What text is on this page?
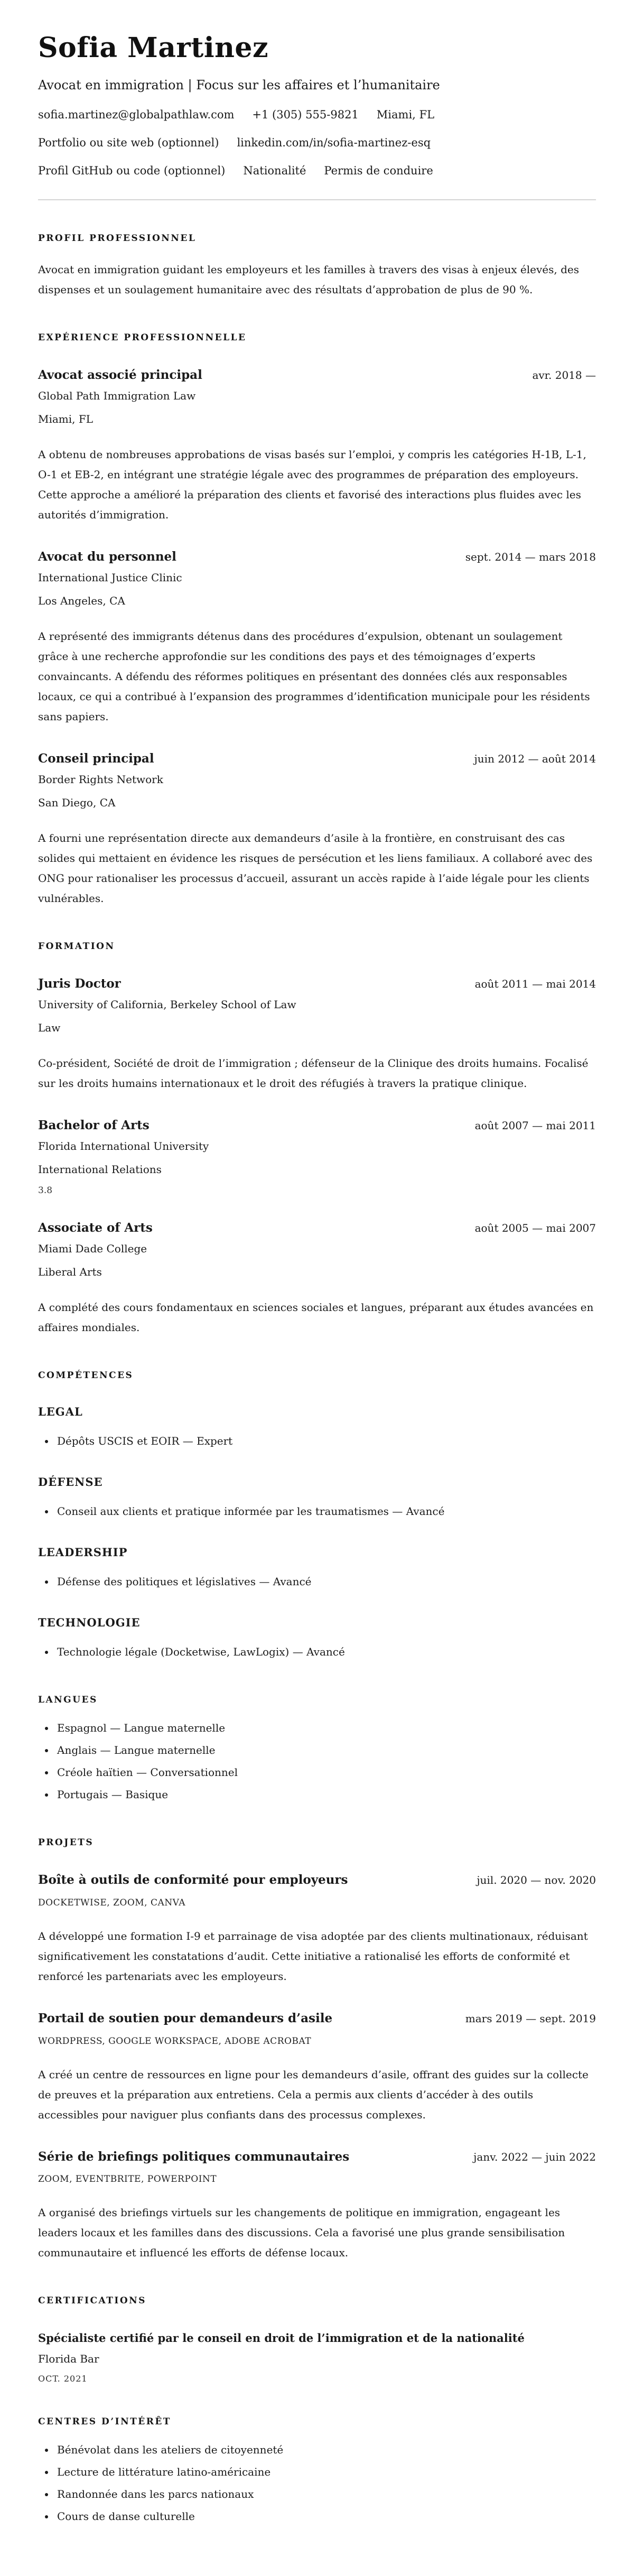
Sofia Martinez

Avocat en immigration | Focus sur les affaires et l’humanitaire

sofia.martinez@globalpathlaw.com +1 (305) 555-9821 Miami, FL
Portfolio ou site web (optionnel) linkedin.com/in/sofia-martinez-esq
Profil GitHub ou code (optionnel) Nationalité Permis de conduire
PROFIL PROFESSIONNEL

Avocat en immigration guidant les employeurs et les familles à travers des visas à enjeux élevés, des dispenses et un soulagement humanitaire avec des résultats d’approbation de plus de 90 %.

EXPÉRIENCE PROFESSIONNELLE
Avocat associé principal	avr. 2018 —

Global Path Immigration Law

Miami, FL

A obtenu de nombreuses approbations de visas basés sur l’emploi, y compris les catégories H-1B, L-1, O-1 et EB-2, en intégrant une stratégie légale avec des programmes de préparation des employeurs. Cette approche a amélioré la préparation des clients et favorisé des interactions plus fluides avec les autorités d’immigration.

Avocat du personnel	sept. 2014 — mars 2018

International Justice Clinic

Los Angeles, CA

A représenté des immigrants détenus dans des procédures d’expulsion, obtenant un soulagement grâce à une recherche approfondie sur les conditions des pays et des témoignages d’experts convaincants. A défendu des réformes politiques en présentant des données clés aux responsables locaux, ce qui a contribué à l’expansion des programmes d’identification municipale pour les résidents sans papiers.

Conseil principal	juin 2012 — août 2014

Border Rights Network

San Diego, CA

A fourni une représentation directe aux demandeurs d’asile à la frontière, en construisant des cas solides qui mettaient en évidence les risques de persécution et les liens familiaux. A collaboré avec des ONG pour rationaliser les processus d’accueil, assurant un accès rapide à l’aide légale pour les clients vulnérables.

FORMATION
Juris Doctor	août 2011 — mai 2014

University of California, Berkeley School of Law

Law

Co-président, Société de droit de l’immigration ; défenseur de la Clinique des droits humains. Focalisé sur les droits humains internationaux et le droit des réfugiés à travers la pratique clinique.

Bachelor of Arts	août 2007 — mai 2011

Florida International University

International Relations

3.8

Associate of Arts	août 2005 — mai 2007

Miami Dade College

Liberal Arts

A complété des cours fondamentaux en sciences sociales et langues, préparant aux études avancées en affaires mondiales.

COMPÉTENCES
LEGAL
• Dépôts USCIS et EOIR — Expert
DÉFENSE
• Conseil aux clients et pratique informée par les traumatismes — Avancé
LEADERSHIP
• Défense des politiques et législatives — Avancé
TECHNOLOGIE
• Technologie légale (Docketwise, LawLogix) — Avancé
LANGUES
• Espagnol — Langue maternelle
• Anglais — Langue maternelle
• Créole haïtien — Conversationnel
• Portugais — Basique
PROJETS
Boîte à outils de conformité pour employeurs	juil. 2020 — nov. 2020

DOCKETWISE, ZOOM, CANVA

A développé une formation I-9 et parrainage de visa adoptée par des clients multinationaux, réduisant significativement les constatations d’audit. Cette initiative a rationalisé les efforts de conformité et renforcé les partenariats avec les employeurs.

Portail de soutien pour demandeurs d’asile	mars 2019 — sept. 2019

WORDPRESS, GOOGLE WORKSPACE, ADOBE ACROBAT

A créé un centre de ressources en ligne pour les demandeurs d’asile, offrant des guides sur la collecte de preuves et la préparation aux entretiens. Cela a permis aux clients d’accéder à des outils accessibles pour naviguer plus confiants dans des processus complexes.

Série de briefings politiques communautaires	janv. 2022 — juin 2022

ZOOM, EVENTBRITE, POWERPOINT

A organisé des briefings virtuels sur les changements de politique en immigration, engageant les leaders locaux et les familles dans des discussions. Cela a favorisé une plus grande sensibilisation communautaire et influencé les efforts de défense locaux.

CERTIFICATIONS
Spécialiste certifié par le conseil en droit de l’immigration et de la nationalité

Florida Bar

OCT. 2021

CENTRES D’INTÉRÊT
• Bénévolat dans les ateliers de citoyenneté
• Lecture de littérature latino-américaine
• Randonnée dans les parcs nationaux
• Cours de danse culturelle
